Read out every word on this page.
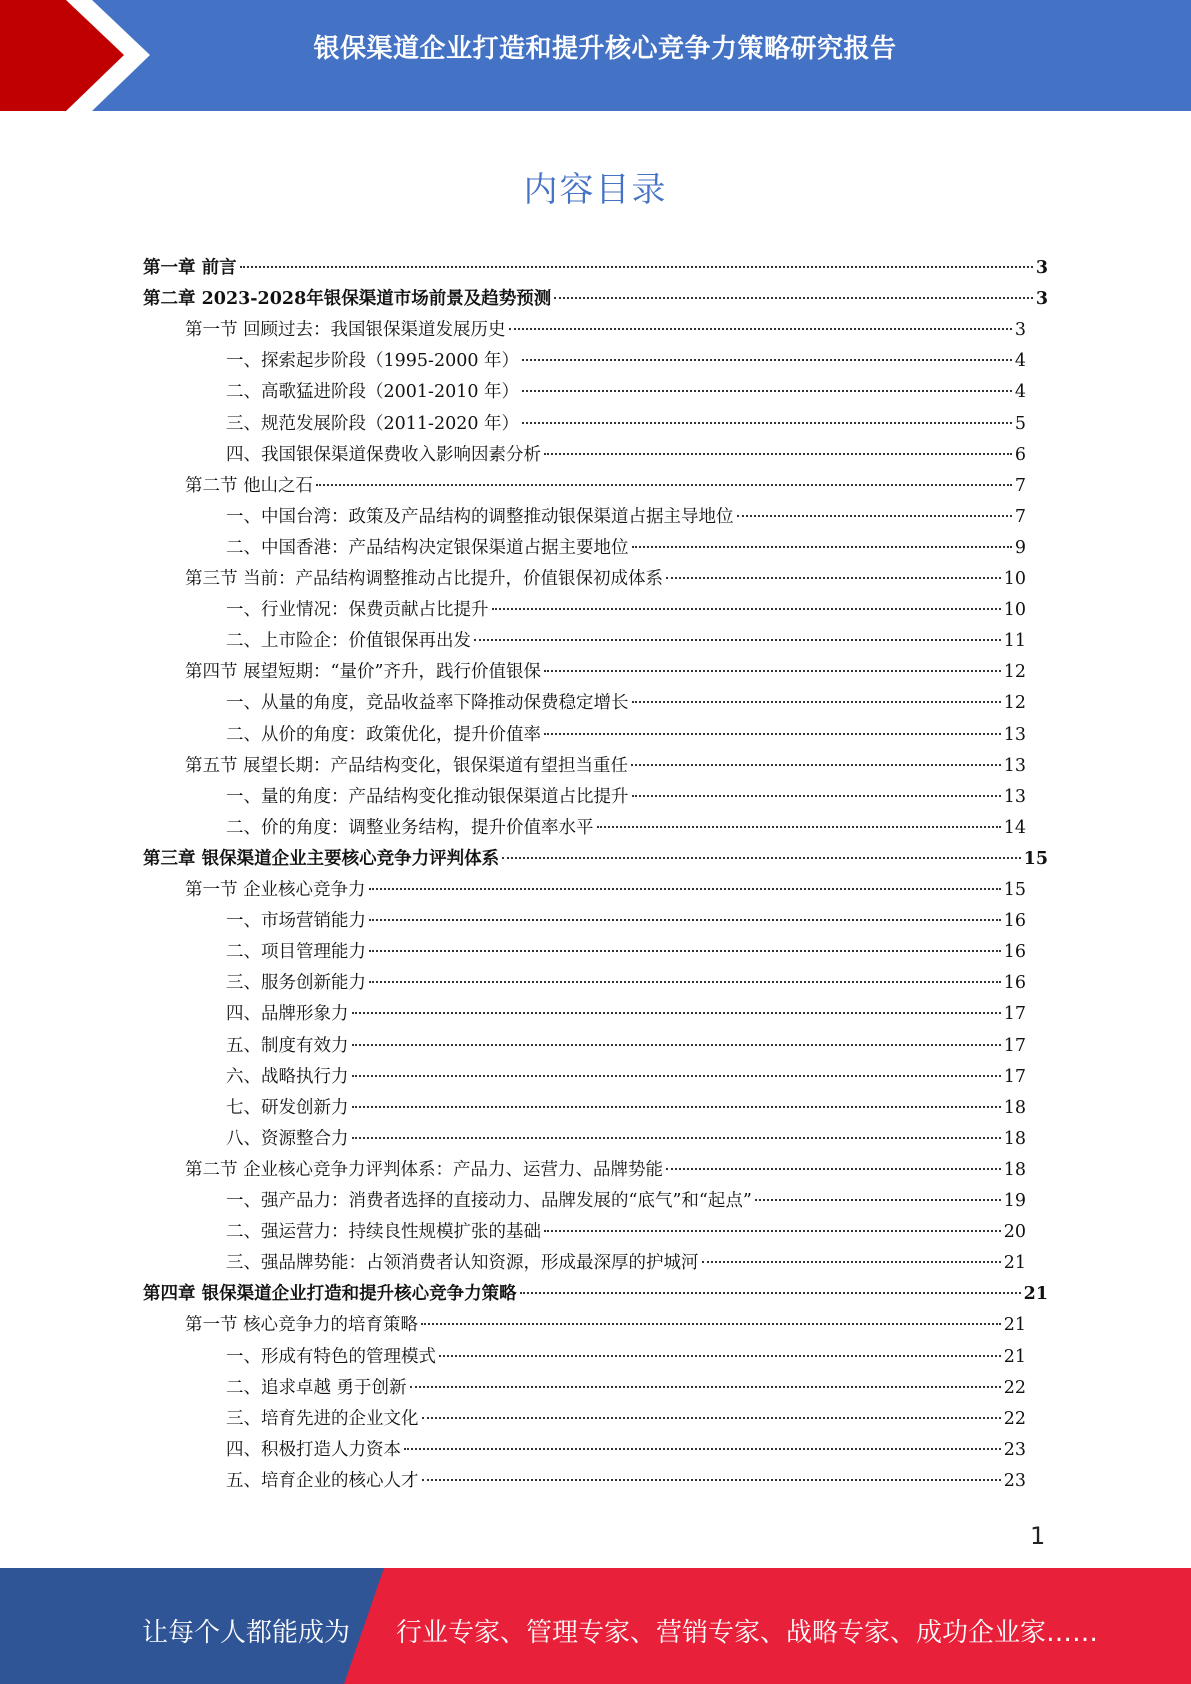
银保渠道企业打造和提升核心竞争力策略研究报告
内容目录
第一章 前言	3
第二章 2023-2028年银保渠道市场前景及趋势预测	3
第一节 回顾过去：我国银保渠道发展历史	3
一、探索起步阶段（1995-2000 年）	4
二、高歌猛进阶段（2001-2010 年）	4
三、规范发展阶段（2011-2020 年）	5
四、我国银保渠道保费收入影响因素分析	6
第二节 他山之石	7
一、中国台湾：政策及产品结构的调整推动银保渠道占据主导地位	7
二、中国香港：产品结构决定银保渠道占据主要地位	9
第三节 当前：产品结构调整推动占比提升，价值银保初成体系	10
一、行业情况：保费贡献占比提升	10
二、上市险企：价值银保再出发	11
第四节 展望短期：“量价”齐升，践行价值银保	12
一、从量的角度，竞品收益率下降推动保费稳定增长	12
二、从价的角度：政策优化，提升价值率	13
第五节 展望长期：产品结构变化，银保渠道有望担当重任	13
一、量的角度：产品结构变化推动银保渠道占比提升	13
二、价的角度：调整业务结构，提升价值率水平	14
第三章 银保渠道企业主要核心竞争力评判体系	15
第一节 企业核心竞争力	15
一、市场营销能力	16
二、项目管理能力	16
三、服务创新能力	16
四、品牌形象力	17
五、制度有效力	17
六、战略执行力	17
七、研发创新力	18
八、资源整合力	18
第二节 企业核心竞争力评判体系：产品力、运营力、品牌势能	18
一、强产品力：消费者选择的直接动力、品牌发展的“底气”和“起点”	19
二、强运营力：持续良性规模扩张的基础	20
三、强品牌势能：占领消费者认知资源，形成最深厚的护城河	21
第四章 银保渠道企业打造和提升核心竞争力策略	21
第一节 核心竞争力的培育策略	21
一、形成有特色的管理模式	21
二、追求卓越 勇于创新	22
三、培育先进的企业文化	22
四、积极打造人力资本	23
五、培育企业的核心人才	23
1
让每个人都能成为 行业专家、管理专家、营销专家、战略专家、成功企业家……
